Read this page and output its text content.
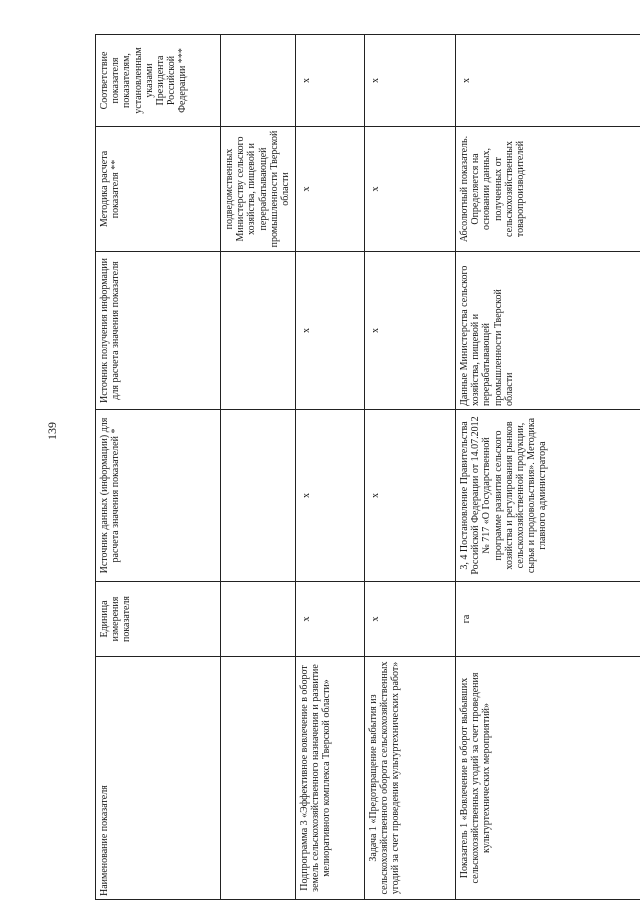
139
Наименование показателя	Единица измерения показателя	Источник данных (информации) для расчета значения показателей *	Источник получения информации для расчета значения показателя	Методика расчета показателя **	Соответствие показателя показателям, установленным указами Президента Российской Федерации ***

				подведомственных Министерству сельского хозяйства, пищевой и перерабатывающей промышленности Тверской области	

Подпрограмма 3 «Эффективное вовлечение в оборот земель сельскохозяйственного назначения и развитие мелиоративного комплекса Тверской области»	x	x	x	x	x

Задача 1 «Предотвращение выбытия из сельскохозяйственного оборота сельскохозяйственных угодий за счет проведения культуртехнических работ»	x	x	x	x	x

Показатель 1 «Вовлечение в оборот выбывших сельскохозяйственных угодий за счет проведения культуртехнических мероприятий»	га	3, 4 Постановление Правительства Российской Федерации от 14.07.2012 № 717 «О Государственной программе развития сельского хозяйства и регулирования рынков сельскохозяйственной продукции, сырья и продовольствия». Методика главного администратора	Данные Министерства сельского хозяйства, пищевой и перерабатывающей промышленности Тверской области	Абсолютный показатель. Определяется на основании данных, полученных от сельскохозяйственных товаропроизводителей	x
